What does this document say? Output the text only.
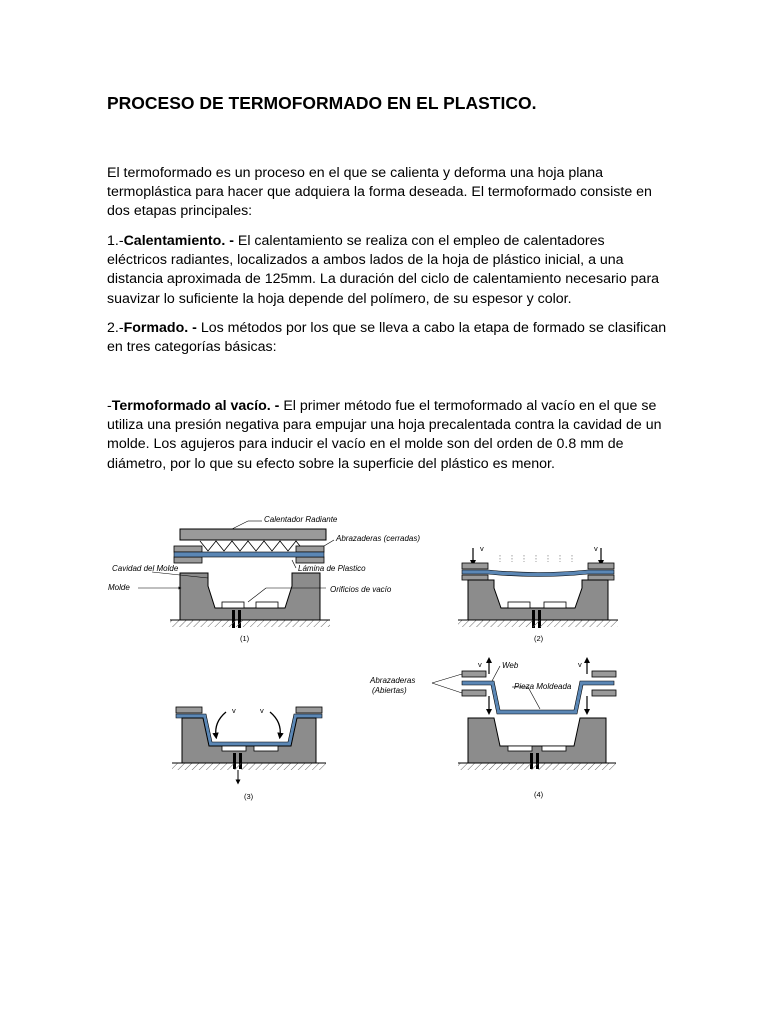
PROCESO DE TERMOFORMADO EN EL PLASTICO.

El termoformado es un proceso en el que se calienta y deforma una hoja plana termoplástica para hacer que adquiera la forma deseada. El termoformado consiste en dos etapas principales:

1.-Calentamiento. - El calentamiento se realiza con el empleo de calentadores eléctricos radiantes, localizados a ambos lados de la hoja de plástico inicial, a una distancia aproximada de 125mm. La duración del ciclo de calentamiento necesario para suavizar lo suficiente la hoja depende del polímero, de su espesor y color.

2.-Formado. - Los métodos por los que se lleva a cabo la etapa de formado se clasifican en tres categorías básicas:

-Termoformado al vacío. - El primer método fue el termoformado al vacío en el que se utiliza una presión negativa para empujar una hoja precalentada contra la cavidad de un molde. Los agujeros para inducir el vacío en el molde son del orden de 0.8 mm de diámetro, por lo que su efecto sobre la superficie del plástico es menor.

Calentador Radiante
Abrazaderas (cerradas)
Cavidad del Molde	Lámina de Plastico
Molde	Orificios de vacío
(1)
v	v
(2)
v	v
(3)
v	v
Abrazaderas
(Abiertas)
Web
Pieza Moldeada
(4)
